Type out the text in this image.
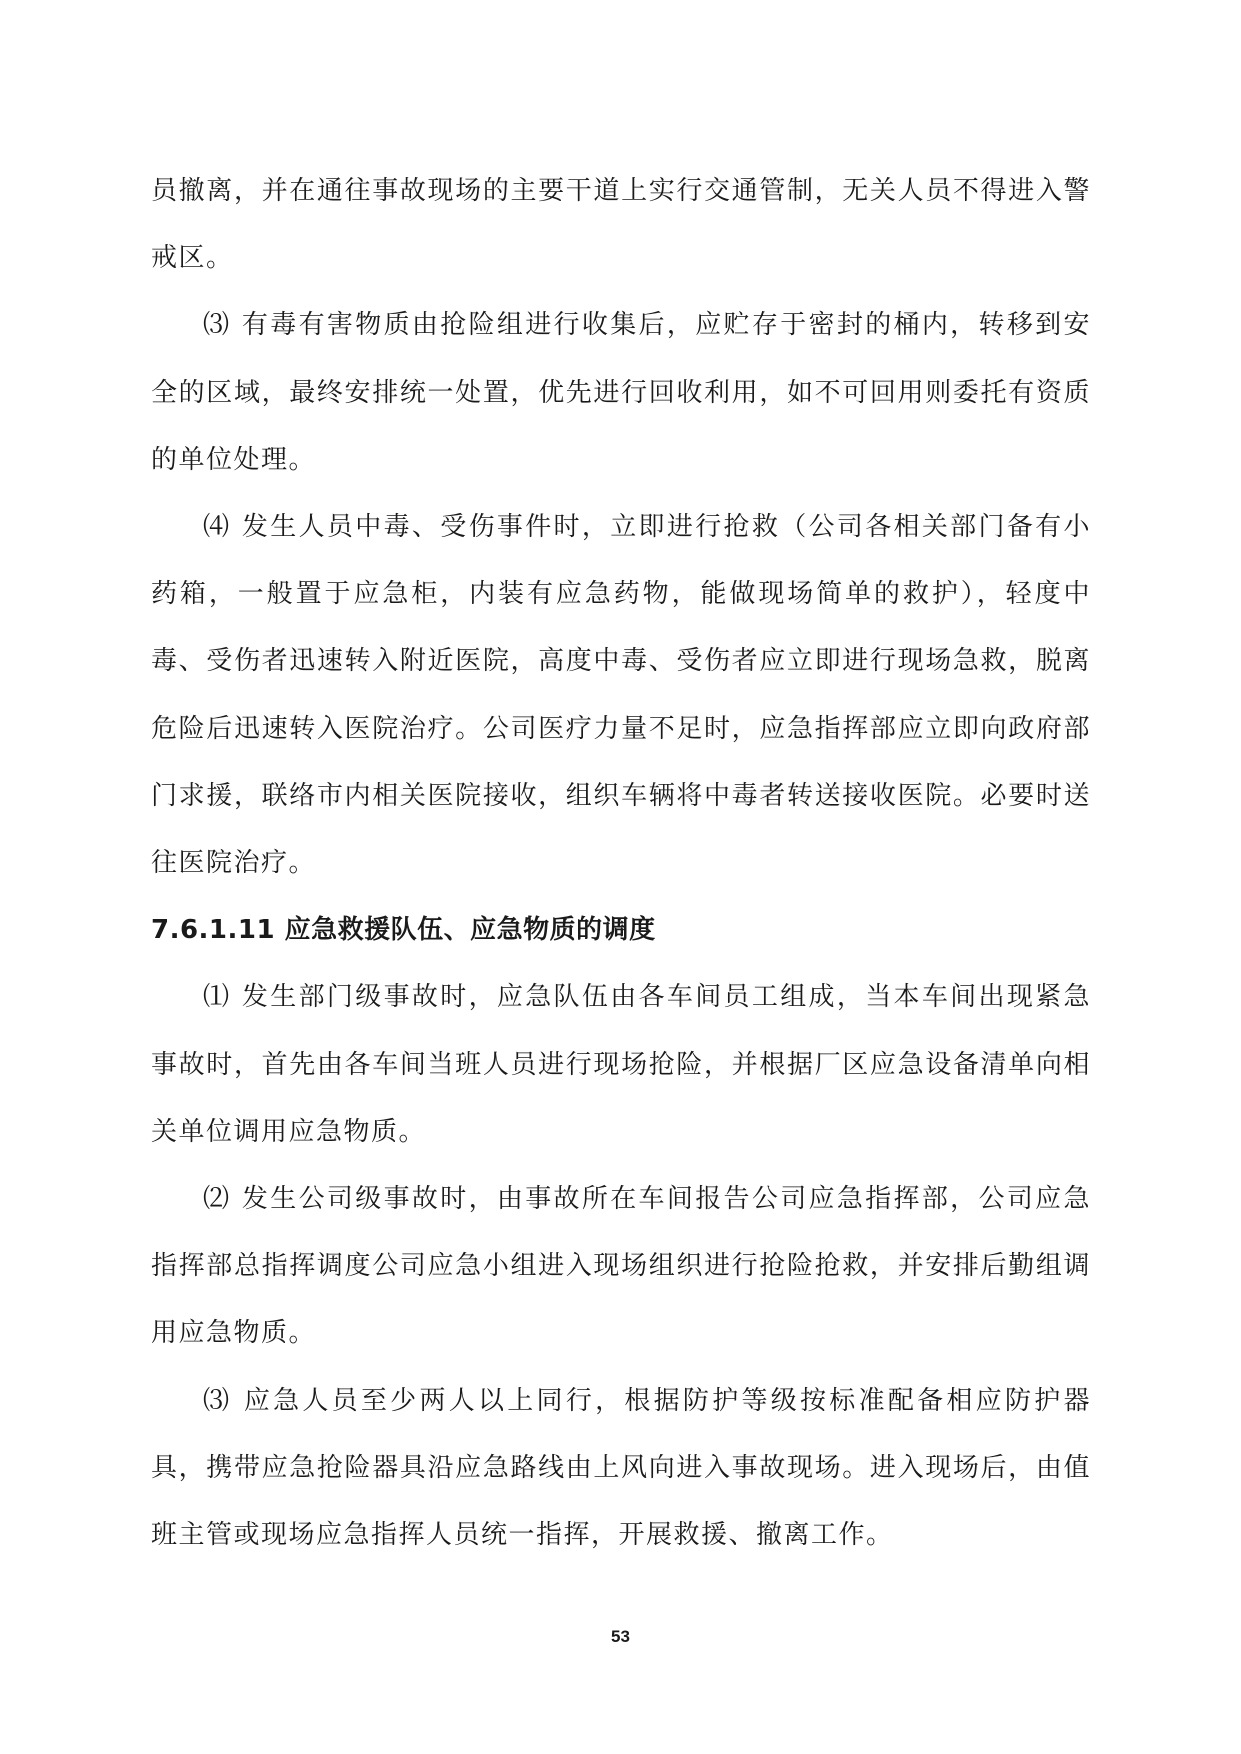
员撤离，并在通往事故现场的主要干道上实行交通管制，无关人员不得进入警戒区。

⑶ 有毒有害物质由抢险组进行收集后，应贮存于密封的桶内，转移到安全的区域，最终安排统一处置，优先进行回收利用，如不可回用则委托有资质的单位处理。

⑷ 发生人员中毒、受伤事件时，立即进行抢救（公司各相关部门备有小药箱，一般置于应急柜，内装有应急药物，能做现场简单的救护），轻度中毒、受伤者迅速转入附近医院，高度中毒、受伤者应立即进行现场急救，脱离危险后迅速转入医院治疗。公司医疗力量不足时，应急指挥部应立即向政府部门求援，联络市内相关医院接收，组织车辆将中毒者转送接收医院。必要时送往医院治疗。

7.6.1.11 应急救援队伍、应急物质的调度

⑴ 发生部门级事故时，应急队伍由各车间员工组成，当本车间出现紧急事故时，首先由各车间当班人员进行现场抢险，并根据厂区应急设备清单向相关单位调用应急物质。

⑵ 发生公司级事故时，由事故所在车间报告公司应急指挥部，公司应急指挥部总指挥调度公司应急小组进入现场组织进行抢险抢救，并安排后勤组调用应急物质。

⑶ 应急人员至少两人以上同行，根据防护等级按标准配备相应防护器具，携带应急抢险器具沿应急路线由上风向进入事故现场。进入现场后，由值班主管或现场应急指挥人员统一指挥，开展救援、撤离工作。

53
